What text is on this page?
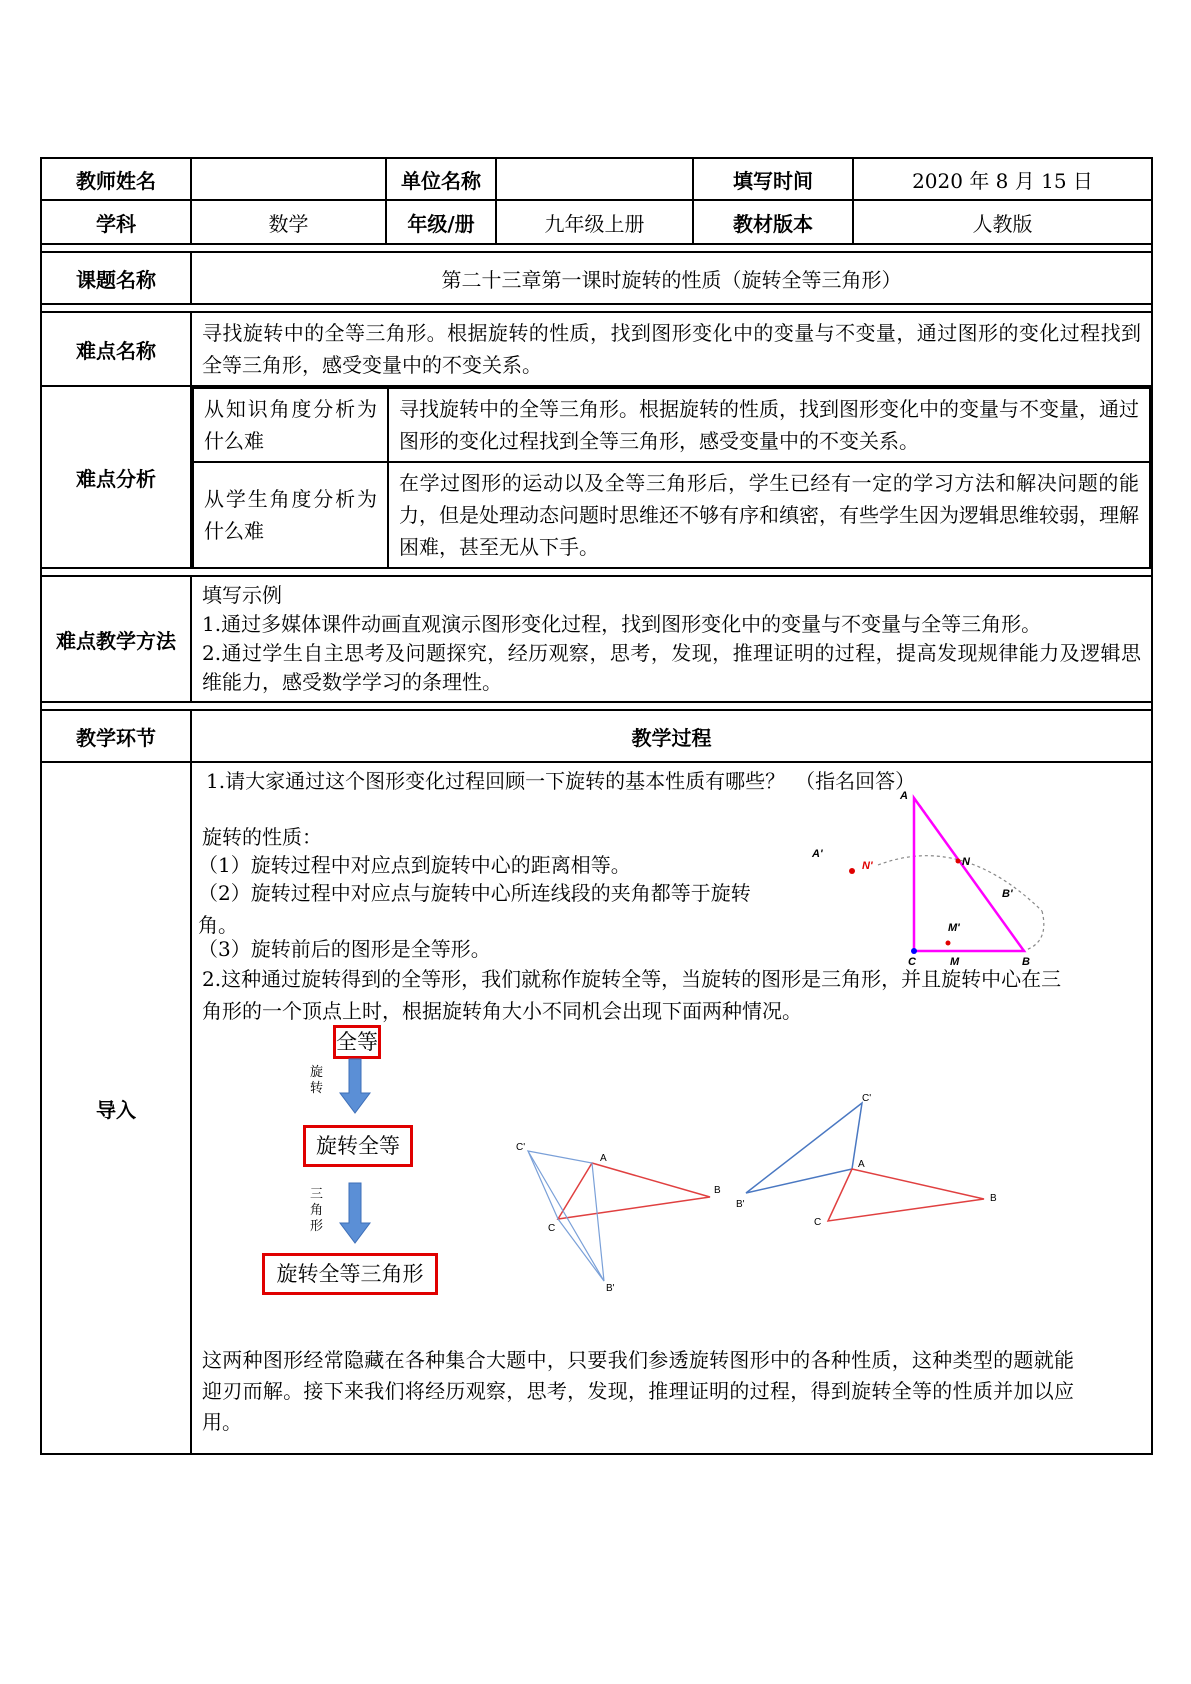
教师姓名		单位名称		填写时间	2020 年 8 月 15 日
学科	数学	年级/册	九年级上册	教材版本	人教版

课题名称	第二十三章第一课时旋转的性质（旋转全等三角形）

难点名称	寻找旋转中的全等三角形。根据旋转的性质，找到图形变化中的变量与不变量，通过图形的变化过程找到全等三角形，感受变量中的不变关系。
难点分析	
从知识角度分析为什么难	寻找旋转中的全等三角形。根据旋转的性质，找到图形变化中的变量与不变量，通过图形的变化过程找到全等三角形，感受变量中的不变关系。
从学生角度分析为什么难	在学过图形的运动以及全等三角形后，学生已经有一定的学习方法和解决问题的能力，但是处理动态问题时思维还不够有序和缜密，有些学生因为逻辑思维较弱，理解困难，甚至无从下手。

难点教学方法	
填写示例
1.通过多媒体课件动画直观演示图形变化过程，找到图形变化中的变量与不变量与全等三角形。
2.通过学生自主思考及问题探究，经历观察，思考，发现，推理证明的过程，提高发现规律能力及逻辑思维能力，感受数学学习的条理性。

教学环节	教学过程
导入	
1.请大家通过这个图形变化过程回顾一下旋转的基本性质有哪些？　（指名回答）
旋转的性质：
（1）旋转过程中对应点到旋转中心的距离相等。
（2）旋转过程中对应点与旋转中心所连线段的夹角都等于旋转角。
（3）旋转前后的图形是全等形。
A
A'
N'	N
B'
M'
C	M	B
2.这种通过旋转得到的全等形，我们就称作旋转全等，当旋转的图形是三角形，并且旋转中心在三角形的一个顶点上时，根据旋转角大小不同机会出现下面两种情况。
全等
旋转
旋转全等
三角形
旋转全等三角形
C'
A
B
C
B'
C'
A
B'
B
C
这两种图形经常隐藏在各种集合大题中，只要我们参透旋转图形中的各种性质，这种类型的题就能迎刃而解。接下来我们将经历观察，思考，发现，推理证明的过程，得到旋转全等的性质并加以应用。
